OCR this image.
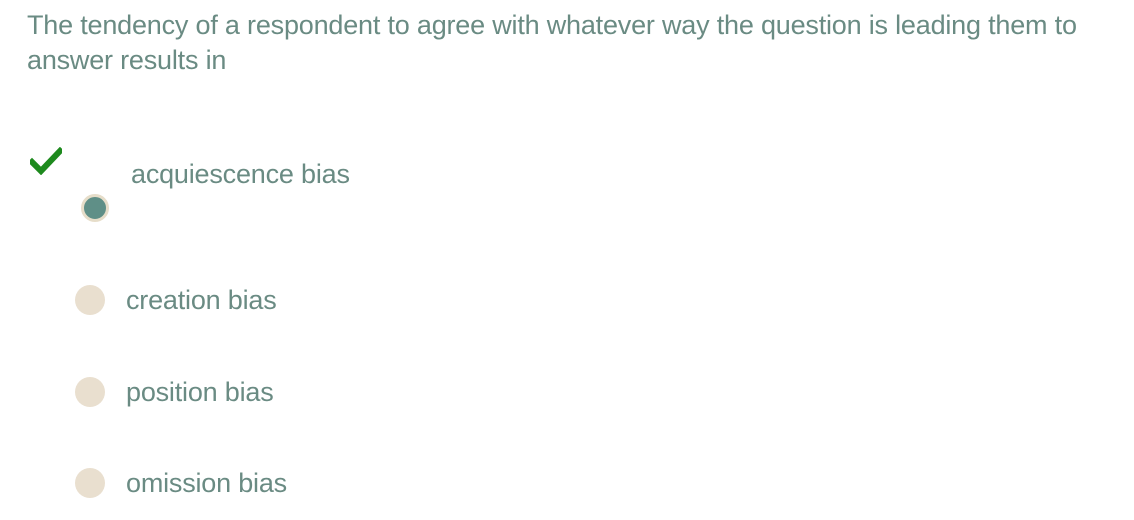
The tendency of a respondent to agree with whatever way the question is leading them to answer results in
acquiescence bias
creation bias
position bias
omission bias
